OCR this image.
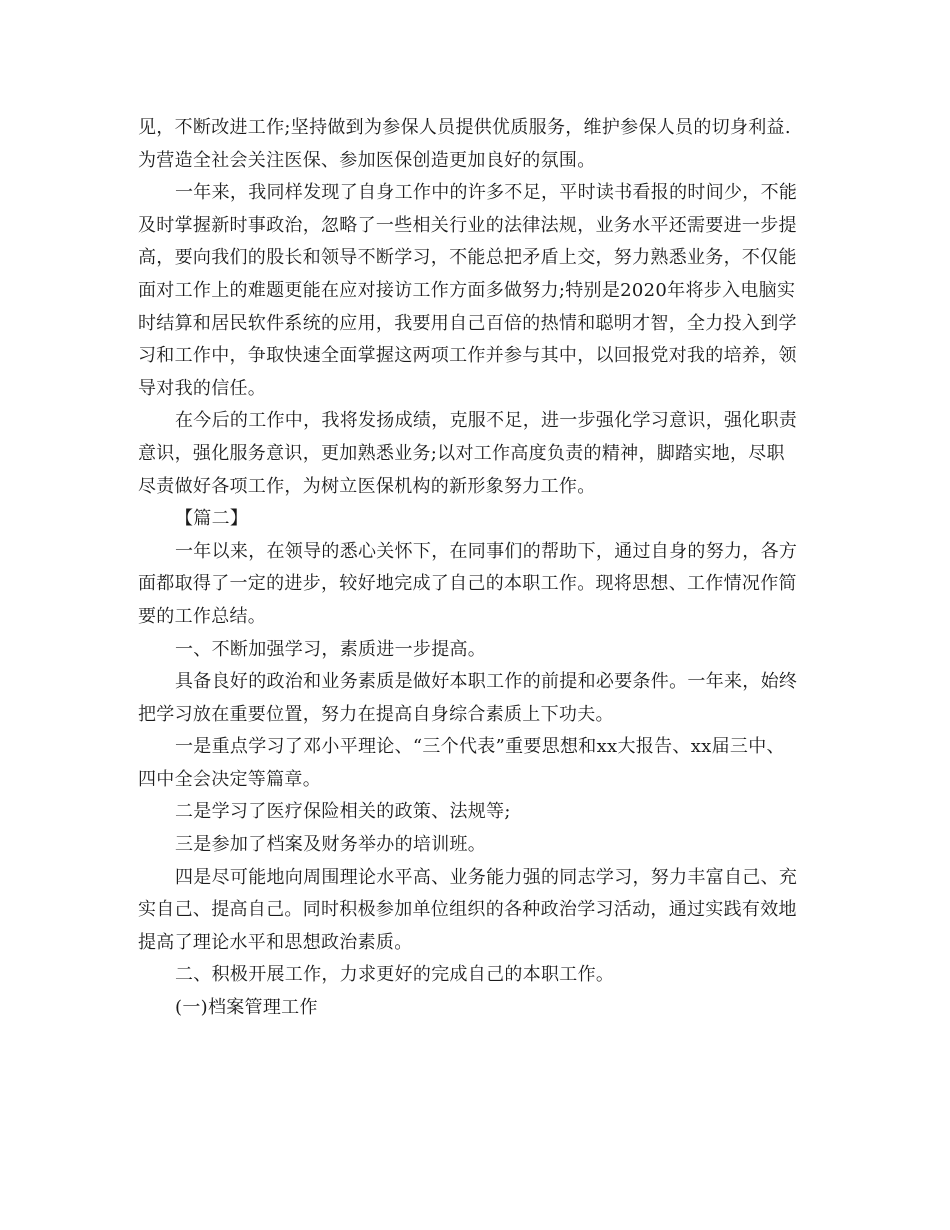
见，不断改进工作;坚持做到为参保人员提供优质服务，维护参保人员的切身利益.
为营造全社会关注医保、参加医保创造更加良好的氛围。
一年来，我同样发现了自身工作中的许多不足，平时读书看报的时间少，不能
及时掌握新时事政治，忽略了一些相关行业的法律法规，业务水平还需要进一步提
高，要向我们的股长和领导不断学习，不能总把矛盾上交，努力熟悉业务，不仅能
面对工作上的难题更能在应对接访工作方面多做努力;特别是2020年将步入电脑实
时结算和居民软件系统的应用，我要用自己百倍的热情和聪明才智，全力投入到学
习和工作中，争取快速全面掌握这两项工作并参与其中，以回报党对我的培养，领
导对我的信任。
在今后的工作中，我将发扬成绩，克服不足，进一步强化学习意识，强化职责
意识，强化服务意识，更加熟悉业务;以对工作高度负责的精神，脚踏实地，尽职
尽责做好各项工作，为树立医保机构的新形象努力工作。
【篇二】
一年以来，在领导的悉心关怀下，在同事们的帮助下，通过自身的努力，各方
面都取得了一定的进步，较好地完成了自己的本职工作。现将思想、工作情况作简
要的工作总结。
一、不断加强学习，素质进一步提高。
具备良好的政治和业务素质是做好本职工作的前提和必要条件。一年来，始终
把学习放在重要位置，努力在提高自身综合素质上下功夫。
一是重点学习了邓小平理论、“三个代表”重要思想和xx大报告、xx届三中、
四中全会决定等篇章。
二是学习了医疗保险相关的政策、法规等;
三是参加了档案及财务举办的培训班。
四是尽可能地向周围理论水平高、业务能力强的同志学习，努力丰富自己、充
实自己、提高自己。同时积极参加单位组织的各种政治学习活动，通过实践有效地
提高了理论水平和思想政治素质。
二、积极开展工作，力求更好的完成自己的本职工作。
(一)档案管理工作
